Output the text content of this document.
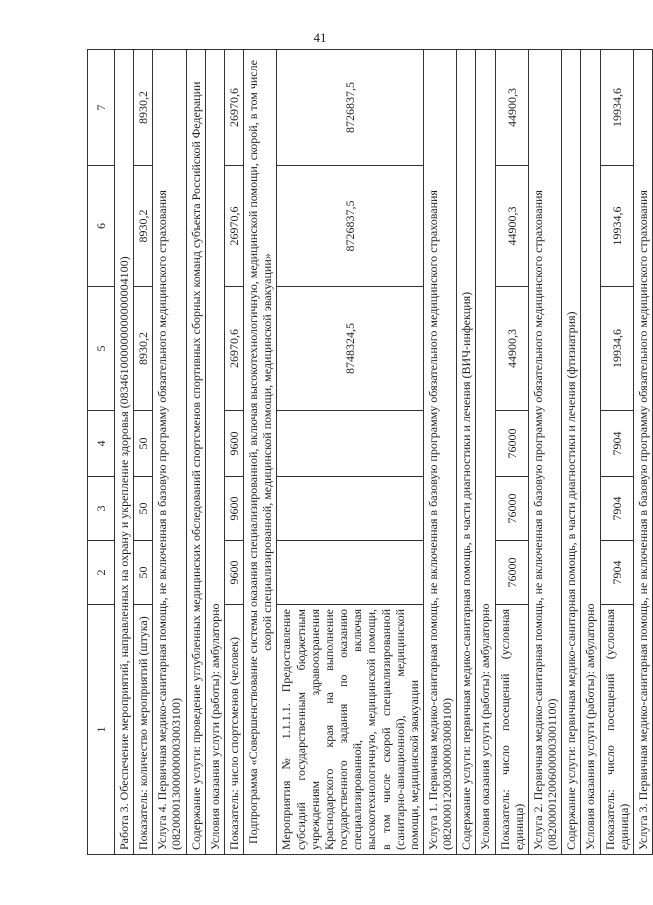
41
1	2	3	4	5	6	7
Работа 3. Обеспечение мероприятий, направленных на охрану и укрепление здоровья (083461000000000000004100)						
Показатель: количество мероприятий (штука)	50	50	50	8930,2	8930,2	8930,2
Услуга 4. Первичная медико-санитарная помощь, не включенная в базовую программу обязательного медицинского страхования (082000013000000003003100)						
Содержание услуги: проведение углубленных медицинских обследований спортсменов спортивных сборных команд субъекта Российской Федерации						
Условия оказания услуги (работы): амбулаторно						
Показатель: число спортсменов (человек)	9600	9600	9600	26970,6	26970,6	26970,6
Подпрограмма «Совершенствование системы оказания специализированной, включая высокотехнологичную, медицинской помощи, скорой, в том числе скорой специализированной, медицинской помощи, медицинской эвакуации»						
Мероприятия № 1.1.1.1. Предоставление субсидий государственным бюджетным учреждениям здравоохранения Краснодарского края на выполнение государственного задания по оказанию специализированной, включая высокотехнологичную, медицинской помощи, в том числе скорой специализированной (санитарно-авиационной), медицинской помощи, медицинской эвакуации				8748324,5	8726837,5	8726837,5
Услуга 1. Первичная медико-санитарная помощь, не включенная в базовую программу обязательного медицинского страхования (082000012003000003008100)						
Содержание услуги: первичная медико-санитарная помощь, в части диагностики и лечения (ВИЧ-инфекция)						
Условия оказания услуги (работы): амбулаторно						
Показатель: число посещений (условная единица)	76000	76000	76000	44900,3	44900,3	44900,3
Услуга 2. Первичная медико-санитарная помощь, не включенная в базовую программу обязательного медицинского страхования (082000012006000003001100)						
Содержание услуги: первичная медико-санитарная помощь, в части диагностики и лечения (фтизиатрия)						
Условия оказания услуги (работы): амбулаторно						
Показатель: число посещений (условная единица)	7904	7904	7904	19934,6	19934,6	19934,6
Услуга 3. Первичная медико-санитарная помощь, не включенная в базовую программу обязательного медицинского страхования						
